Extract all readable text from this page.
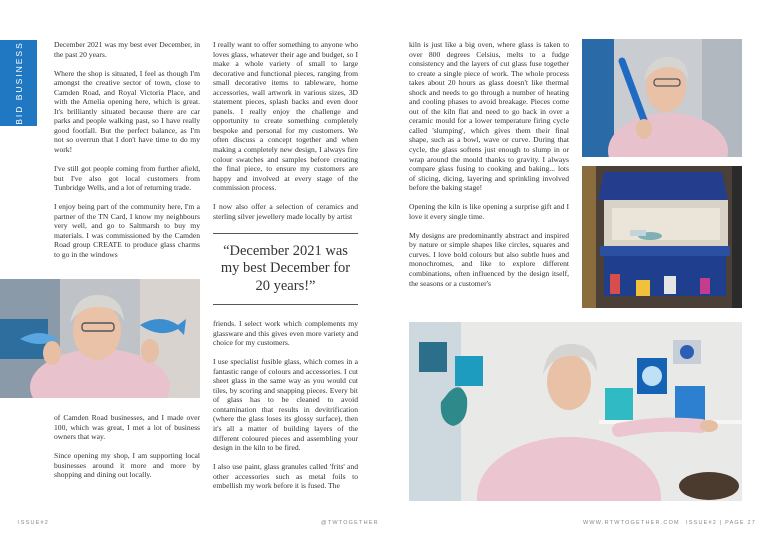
BID BUSINESS	December 2021 was my best ever December, in the past 20 years.

Where the shop is situated, I feel as though I'm amongst the creative sector of town, close to Camden Road, and Royal Victoria Place, and with the Amelia opening here, which is great. It's brilliantly situated because there are car parks and people walking past, so I have really good footfall. But the perfect balance, as I'm not so overrun that I don't have time to do my work!

I've still got people coming from further afield, but I've also got local customers from Tunbridge Wells, and a lot of returning trade.

I enjoy being part of the community here, I'm a partner of the TN Card, I know my neighbours very well, and go to Saltmarsh to buy my materials. I was commissioned by the Camden Road group CREATE to produce glass charms to go in the windows

of Camden Road businesses, and I made over 100, which was great, I met a lot of business owners that way.

Since opening my shop, I am supporting local businesses around it more and more by shopping and dining out locally.

I really want to offer something to anyone who loves glass, whatever their age and budget, so I make a whole variety of small to large decorative and functional pieces, ranging from small decorative items to tableware, home accessories, wall artwork in various sizes, 3D statement pieces, splash backs and even door panels. I really enjoy the challenge and opportunity to create something completely bespoke and personal for my customers. We often discuss a concept together and when making a completely new design, I always fire colour swatches and samples before creating the final piece, to ensure my customers are happy and involved at every stage of the commission process.

I now also offer a selection of ceramics and sterling silver jewellery made locally by artist

“December 2021 was my best December for 20 years!”

friends. I select work which complements my glassware and this gives even more variety and choice for my customers.

I use specialist fusible glass, which comes in a fantastic range of colours and accessories. I cut sheet glass in the same way as you would cut tiles, by scoring and snapping pieces. Every bit of glass has to be cleaned to avoid contamination that results in devitrification (where the glass loses its glossy surface), then it's all a matter of building layers of the different coloured pieces and assembling your design in the kiln to be fired.

I also use paint, glass granules called 'frits' and other accessories such as metal foils to embellish my work before it is fused. The

kiln is just like a big oven, where glass is taken to over 800 degrees Celsius, melts to a fudge consistency and the layers of cut glass fuse together to create a single piece of work. The whole process takes about 20 hours as glass doesn't like thermal shock and needs to go through a number of heating and cooling phases to avoid breakage. Pieces come out of the kiln flat and need to go back in over a ceramic mould for a lower temperature firing cycle called 'slumping', which gives them their final shape, such as a bowl, wave or curve. During that cycle, the glass softens just enough to slump in or wrap around the mould thanks to gravity. I always compare glass fusing to cooking and baking... lots of slicing, dicing, layering and sprinkling involved before the baking stage!

Opening the kiln is like opening a surprise gift and I love it every single time.

My designs are predominantly abstract and inspired by nature or simple shapes like circles, squares and curves. I love bold colours but also subtle hues and monochromes, and like to explore different combinations, often influenced by the design itself, the seasons or a customer's

ISSUE#2	@TWTOGETHER	WWW.RTWTOGETHER.COM ISSUE#2 | PAGE 27
